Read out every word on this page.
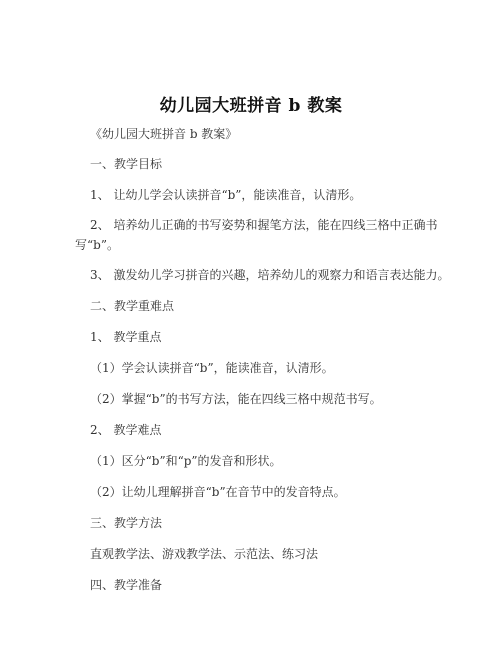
幼儿园大班拼音 b 教案
《幼儿园大班拼音 b 教案》
一、教学目标
1、 让幼儿学会认读拼音“b”，能读准音，认清形。
2、 培养幼儿正确的书写姿势和握笔方法，能在四线三格中正确书
写“b”。
3、 激发幼儿学习拼音的兴趣，培养幼儿的观察力和语言表达能力。
二、教学重难点
1、 教学重点
（1）学会认读拼音“b”，能读准音，认清形。
（2）掌握“b”的书写方法，能在四线三格中规范书写。
2、 教学难点
（1）区分“b”和“p”的发音和形状。
（2）让幼儿理解拼音“b”在音节中的发音特点。
三、教学方法
直观教学法、游戏教学法、示范法、练习法
四、教学准备
